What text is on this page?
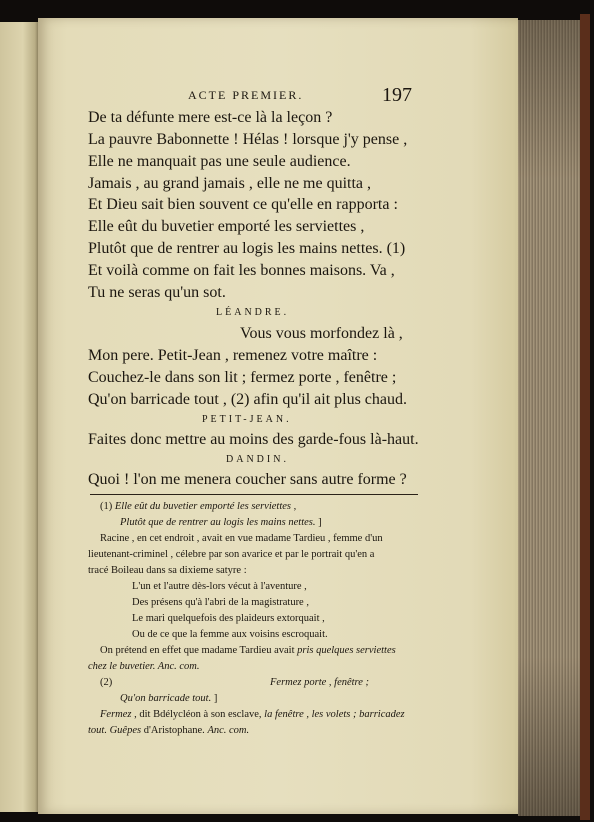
ACTE PREMIER.	197
De ta défunte mere est-ce là la leçon ?
La pauvre Babonnette ! Hélas ! lorsque j'y pense ,
Elle ne manquait pas une seule audience.
Jamais , au grand jamais , elle ne me quitta ,
Et Dieu sait bien souvent ce qu'elle en rapporta :
Elle eût du buvetier emporté les serviettes ,
Plutôt que de rentrer au logis les mains nettes. (1)
Et voilà comme on fait les bonnes maisons. Va ,
Tu ne seras qu'un sot.
LÉANDRE.
Vous vous morfondez là ,
Mon pere. Petit-Jean , remenez votre maître :
Couchez-le dans son lit ; fermez porte , fenêtre ;
Qu'on barricade tout , (2) afin qu'il ait plus chaud.
PETIT-JEAN.
Faites donc mettre au moins des garde-fous là-haut.
DANDIN.
Quoi ! l'on me menera coucher sans autre forme ?
(1) Elle eût du buvetier emporté les serviettes ,
Plutôt que de rentrer au logis les mains nettes. ]
Racine , en cet endroit , avait en vue madame Tardieu , femme d'un
lieutenant-criminel , célebre par son avarice et par le portrait qu'en a
tracé Boileau dans sa dixieme satyre :
L'un et l'autre dès-lors vécut à l'aventure ,
Des présens qu'à l'abri de la magistrature ,
Le mari quelquefois des plaideurs extorquait ,
Ou de ce que la femme aux voisins escroquait.
On prétend en effet que madame Tardieu avait pris quelques serviettes
chez le buvetier. Anc. com.
(2)	Fermez porte , fenêtre ;
Qu'on barricade tout. ]
Fermez , dit Bdélycléon à son esclave, la fenêtre , les volets ; barricadez
tout. Guêpes d'Aristophane. Anc. com.
